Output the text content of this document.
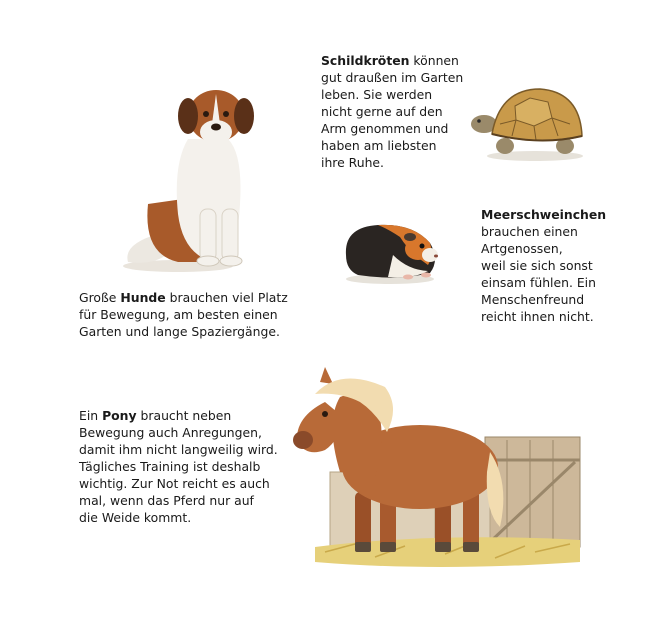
Schildkröten können
gut draußen im Garten
leben. Sie werden
nicht gerne auf den
Arm genommen und
haben am liebsten
ihre Ruhe.

Meerschweinchen
brauchen einen
Artgenossen,
weil sie sich sonst
einsam fühlen. Ein
Menschenfreund
reicht ihnen nicht.

Große Hunde brauchen viel Platz
für Bewegung, am besten einen
Garten und lange Spaziergänge.

Ein Pony braucht neben
Bewegung auch Anregungen,
damit ihm nicht langweilig wird.
Tägliches Training ist deshalb
wichtig. Zur Not reicht es auch
mal, wenn das Pferd nur auf
die Weide kommt.
